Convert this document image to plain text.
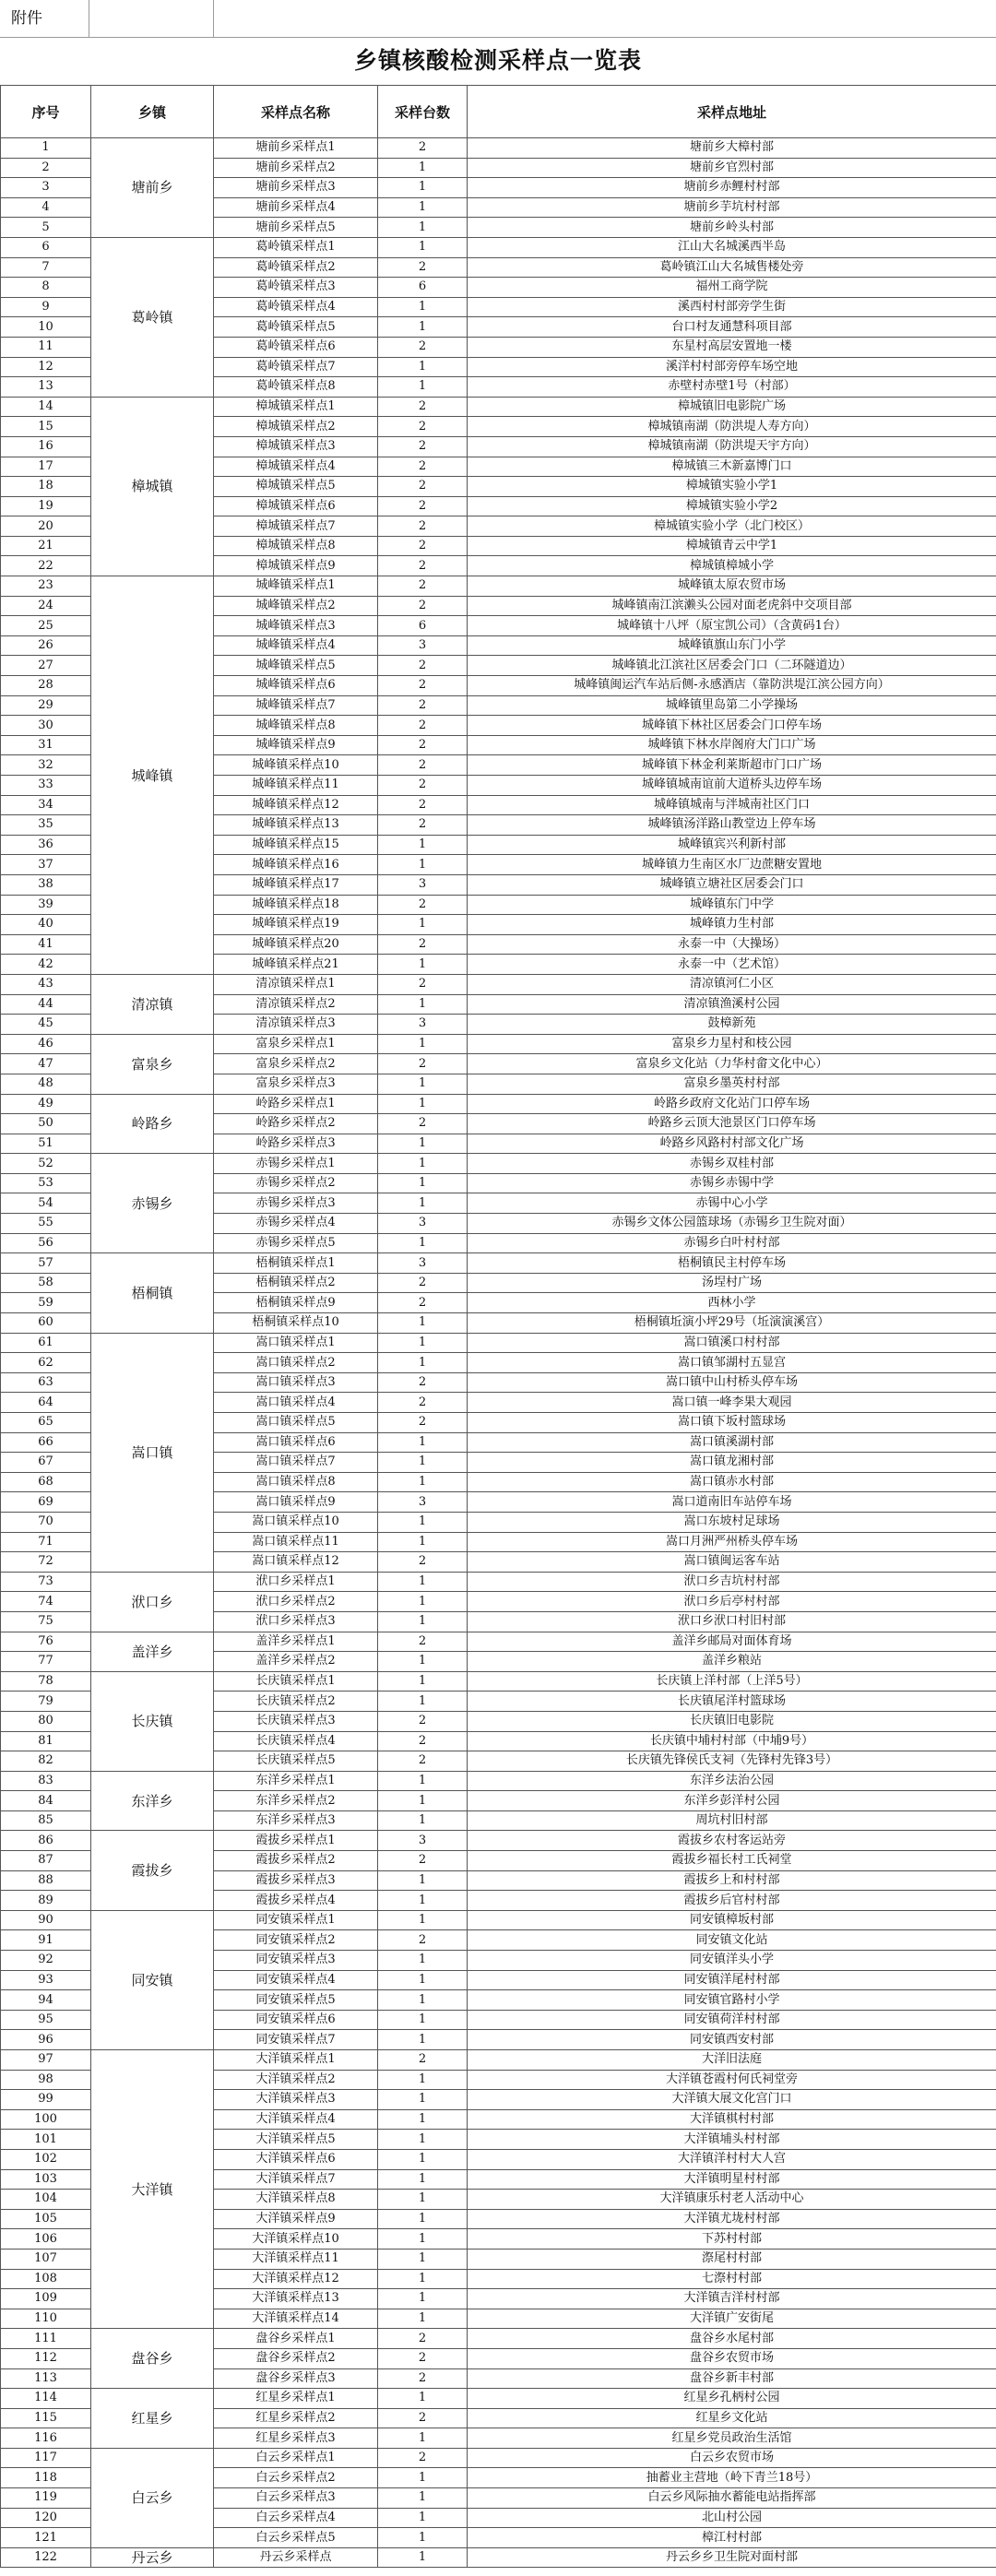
附件
乡镇核酸检测采样点一览表
序号	乡镇	采样点名称	采样台数	采样点地址
1	塘前乡	塘前乡采样点1	2	塘前乡大樟村部
2		塘前乡采样点2	1	塘前乡官烈村部
3		塘前乡采样点3	1	塘前乡赤鲤村村部
4		塘前乡采样点4	1	塘前乡芋坑村村部
5		塘前乡采样点5	1	塘前乡岭头村部
6	葛岭镇	葛岭镇采样点1	1	江山大名城溪西半岛
7		葛岭镇采样点2	2	葛岭镇江山大名城售楼处旁
8		葛岭镇采样点3	6	福州工商学院
9		葛岭镇采样点4	1	溪西村村部旁学生街
10		葛岭镇采样点5	1	台口村友通慧科项目部
11		葛岭镇采样点6	2	东星村高层安置地一楼
12		葛岭镇采样点7	1	溪洋村村部旁停车场空地
13		葛岭镇采样点8	1	赤壁村赤壁1号（村部）
14	樟城镇	樟城镇采样点1	2	樟城镇旧电影院广场
15		樟城镇采样点2	2	樟城镇南湖（防洪堤人寿方向）
16		樟城镇采样点3	2	樟城镇南湖（防洪堤天宇方向）
17		樟城镇采样点4	2	樟城镇三木新嘉博门口
18		樟城镇采样点5	2	樟城镇实验小学1
19		樟城镇采样点6	2	樟城镇实验小学2
20		樟城镇采样点7	2	樟城镇实验小学（北门校区）
21		樟城镇采样点8	2	樟城镇青云中学1
22		樟城镇采样点9	2	樟城镇樟城小学
23	城峰镇	城峰镇采样点1	2	城峰镇太原农贸市场
24		城峰镇采样点2	2	城峰镇南江滨濑头公园对面老虎斜中交项目部
25		城峰镇采样点3	6	城峰镇十八坪（原宝凯公司）（含黄码1台）
26		城峰镇采样点4	3	城峰镇旗山东门小学
27		城峰镇采样点5	2	城峰镇北江滨社区居委会门口（二环隧道边）
28		城峰镇采样点6	2	城峰镇闽运汽车站后侧-永感酒店（靠防洪堤江滨公园方向）
29		城峰镇采样点7	2	城峰镇里岛第二小学操场
30		城峰镇采样点8	2	城峰镇下林社区居委会门口停车场
31		城峰镇采样点9	2	城峰镇下林水岸阁府大门口广场
32		城峰镇采样点10	2	城峰镇下林金利莱斯超市门口广场
33		城峰镇采样点11	2	城峰镇城南谊前大道桥头边停车场
34		城峰镇采样点12	2	城峰镇城南与泮城南社区门口
35		城峰镇采样点13	2	城峰镇汤洋路山教堂边上停车场
36		城峰镇采样点15	1	城峰镇宾兴利新村部
37		城峰镇采样点16	1	城峰镇力生南区水厂边蔗糖安置地
38		城峰镇采样点17	3	城峰镇立塘社区居委会门口
39		城峰镇采样点18	2	城峰镇东门中学
40		城峰镇采样点19	1	城峰镇力生村部
41		城峰镇采样点20	2	永泰一中（大操场）
42		城峰镇采样点21	1	永泰一中（艺术馆）
43	清凉镇	清凉镇采样点1	2	清凉镇河仁小区
44		清凉镇采样点2	1	清凉镇渔溪村公园
45		清凉镇采样点3	3	鼓樟新苑
46	富泉乡	富泉乡采样点1	1	富泉乡力星村和枝公园
47		富泉乡采样点2	2	富泉乡文化站（力华村畲文化中心）
48		富泉乡采样点3	1	富泉乡墨英村村部
49	岭路乡	岭路乡采样点1	1	岭路乡政府文化站门口停车场
50		岭路乡采样点2	2	岭路乡云顶大池景区门口停车场
51		岭路乡采样点3	1	岭路乡风路村村部文化广场
52	赤锡乡	赤锡乡采样点1	1	赤锡乡双桂村部
53		赤锡乡采样点2	1	赤锡乡赤锡中学
54		赤锡乡采样点3	1	赤锡中心小学
55		赤锡乡采样点4	3	赤锡乡文体公园篮球场（赤锡乡卫生院对面）
56		赤锡乡采样点5	1	赤锡乡白叶村村部
57	梧桐镇	梧桐镇采样点1	3	梧桐镇民主村停车场
58		梧桐镇采样点2	2	汤埕村广场
59		梧桐镇采样点9	2	西林小学
60		梧桐镇采样点10	1	梧桐镇坵演小坪29号（坵演演溪宫）
61	嵩口镇	嵩口镇采样点1	1	嵩口镇溪口村村部
62		嵩口镇采样点2	1	嵩口镇邹湖村五显宫
63		嵩口镇采样点3	2	嵩口镇中山村桥头停车场
64		嵩口镇采样点4	2	嵩口镇一峰李果大观园
65		嵩口镇采样点5	2	嵩口镇下坂村篮球场
66		嵩口镇采样点6	1	嵩口镇溪湖村部
67		嵩口镇采样点7	1	嵩口镇龙湘村部
68		嵩口镇采样点8	1	嵩口镇赤水村部
69		嵩口镇采样点9	3	嵩口道南旧车站停车场
70		嵩口镇采样点10	1	嵩口东坡村足球场
71		嵩口镇采样点11	1	嵩口月洲严州桥头停车场
72		嵩口镇采样点12	2	嵩口镇闽运客车站
73	洑口乡	洑口乡采样点1	1	洑口乡吉坑村村部
74		洑口乡采样点2	1	洑口乡后亭村村部
75		洑口乡采样点3	1	洑口乡洑口村旧村部
76	盖洋乡	盖洋乡采样点1	2	盖洋乡邮局对面体育场
77		盖洋乡采样点2	1	盖洋乡粮站
78	长庆镇	长庆镇采样点1	1	长庆镇上洋村部（上洋5号）
79		长庆镇采样点2	1	长庆镇尾洋村篮球场
80		长庆镇采样点3	2	长庆镇旧电影院
81		长庆镇采样点4	2	长庆镇中埔村村部（中埔9号）
82		长庆镇采样点5	2	长庆镇先锋侯氏支祠（先锋村先锋3号）
83	东洋乡	东洋乡采样点1	1	东洋乡法治公园
84		东洋乡采样点2	1	东洋乡彭洋村公园
85		东洋乡采样点3	1	周坑村旧村部
86	霞拔乡	霞拔乡采样点1	3	霞拔乡农村客运站旁
87		霞拔乡采样点2	2	霞拔乡福长村工氏祠堂
88		霞拔乡采样点3	1	霞拔乡上和村村部
89		霞拔乡采样点4	1	霞拔乡后官村村部
90	同安镇	同安镇采样点1	1	同安镇樟坂村部
91		同安镇采样点2	2	同安镇文化站
92		同安镇采样点3	1	同安镇洋头小学
93		同安镇采样点4	1	同安镇洋尾村村部
94		同安镇采样点5	1	同安镇官路村小学
95		同安镇采样点6	1	同安镇荷洋村村部
96		同安镇采样点7	1	同安镇西安村部
97	大洋镇	大洋镇采样点1	2	大洋旧法庭
98		大洋镇采样点2	1	大洋镇苍霞村何氏祠堂旁
99		大洋镇采样点3	1	大洋镇大展文化宫门口
100		大洋镇采样点4	1	大洋镇棋村村部
101		大洋镇采样点5	1	大洋镇埔头村村部
102		大洋镇采样点6	1	大洋镇洋村村大人宫
103		大洋镇采样点7	1	大洋镇明星村村部
104		大洋镇采样点8	1	大洋镇康乐村老人活动中心
105		大洋镇采样点9	1	大洋镇尤垅村村部
106		大洋镇采样点10	1	下苏村村部
107		大洋镇采样点11	1	漈尾村村部
108		大洋镇采样点12	1	七漈村村部
109		大洋镇采样点13	1	大洋镇吉洋村村部
110		大洋镇采样点14	1	大洋镇广安街尾
111	盘谷乡	盘谷乡采样点1	2	盘谷乡水尾村部
112		盘谷乡采样点2	2	盘谷乡农贸市场
113		盘谷乡采样点3	2	盘谷乡新丰村部
114	红星乡	红星乡采样点1	1	红星乡孔柄村公园
115		红星乡采样点2	2	红星乡文化站
116		红星乡采样点3	1	红星乡党员政治生活馆
117	白云乡	白云乡采样点1	2	白云乡农贸市场
118		白云乡采样点2	1	抽蓄业主营地（岭下青兰18号）
119		白云乡采样点3	1	白云乡风际抽水蓄能电站指挥部
120		白云乡采样点4	1	北山村公园
121		白云乡采样点5	1	樟江村村部
122	丹云乡	丹云乡采样点	1	丹云乡乡卫生院对面村部
